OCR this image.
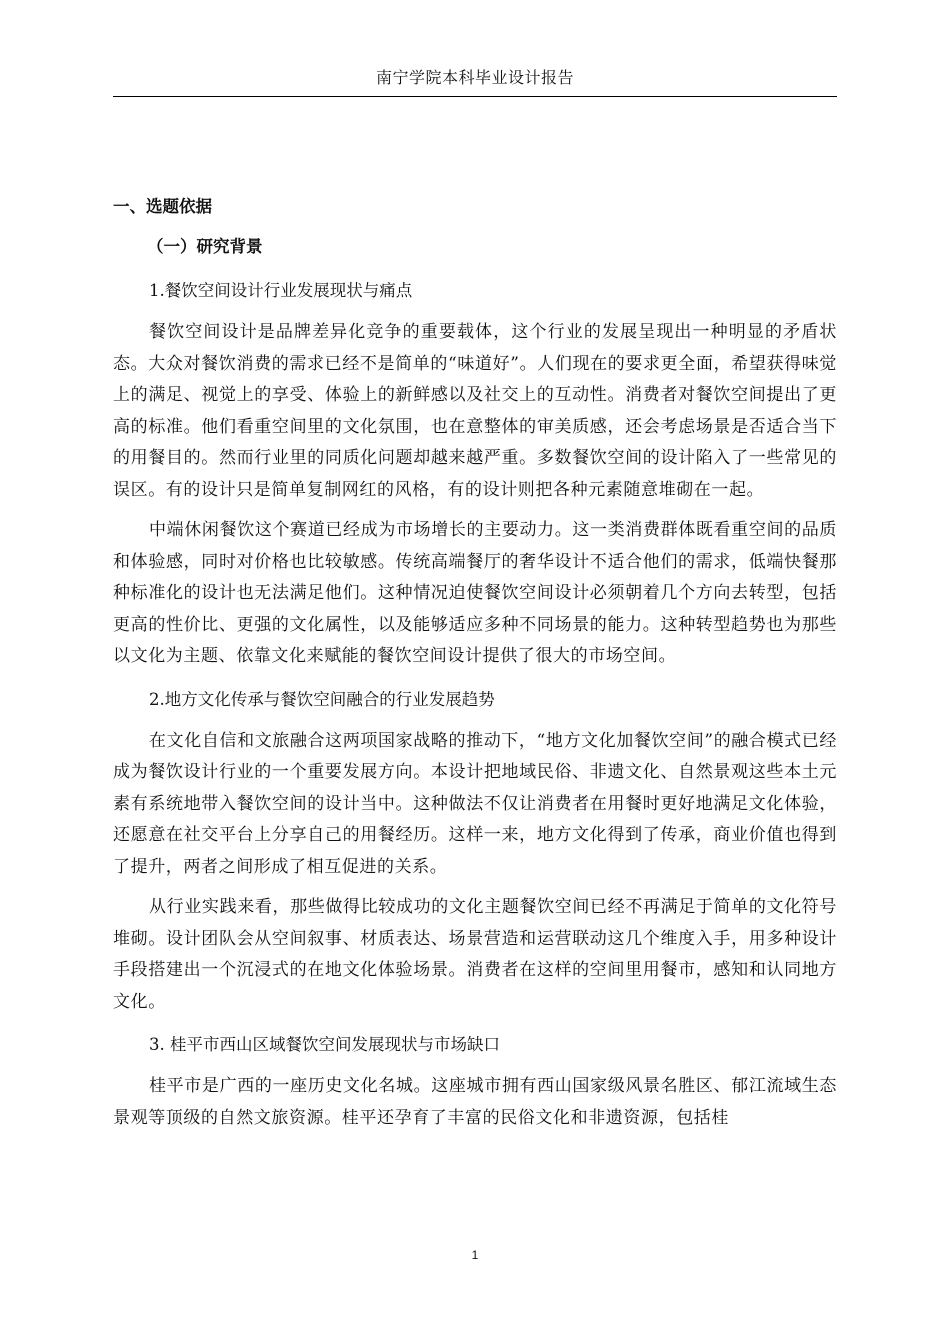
南宁学院本科毕业设计报告
一、选题依据
（一）研究背景
1.餐饮空间设计行业发展现状与痛点

餐饮空间设计是品牌差异化竞争的重要载体，这个行业的发展呈现出一种明显的矛盾状态。大众对餐饮消费的需求已经不是简单的“味道好”。人们现在的要求更全面，希望获得味觉上的满足、视觉上的享受、体验上的新鲜感以及社交上的互动性。消费者对餐饮空间提出了更高的标准。他们看重空间里的文化氛围，也在意整体的审美质感，还会考虑场景是否适合当下的用餐目的。然而行业里的同质化问题却越来越严重。多数餐饮空间的设计陷入了一些常见的误区。有的设计只是简单复制网红的风格，有的设计则把各种元素随意堆砌在一起。

中端休闲餐饮这个赛道已经成为市场增长的主要动力。这一类消费群体既看重空间的品质和体验感，同时对价格也比较敏感。传统高端餐厅的奢华设计不适合他们的需求，低端快餐那种标准化的设计也无法满足他们。这种情况迫使餐饮空间设计必须朝着几个方向去转型，包括更高的性价比、更强的文化属性，以及能够适应多种不同场景的能力。这种转型趋势也为那些以文化为主题、依靠文化来赋能的餐饮空间设计提供了很大的市场空间。

2.地方文化传承与餐饮空间融合的行业发展趋势

在文化自信和文旅融合这两项国家战略的推动下，“地方文化加餐饮空间”的融合模式已经成为餐饮设计行业的一个重要发展方向。本设计把地域民俗、非遗文化、自然景观这些本土元素有系统地带入餐饮空间的设计当中。这种做法不仅让消费者在用餐时更好地满足文化体验，还愿意在社交平台上分享自己的用餐经历。这样一来，地方文化得到了传承，商业价值也得到了提升，两者之间形成了相互促进的关系。

从行业实践来看，那些做得比较成功的文化主题餐饮空间已经不再满足于简单的文化符号堆砌。设计团队会从空间叙事、材质表达、场景营造和运营联动这几个维度入手，用多种设计手段搭建出一个沉浸式的在地文化体验场景。消费者在这样的空间里用餐市，感知和认同地方文化。

3. 桂平市西山区域餐饮空间发展现状与市场缺口

桂平市是广西的一座历史文化名城。这座城市拥有西山国家级风景名胜区、郁江流域生态景观等顶级的自然文旅资源。桂平还孕育了丰富的民俗文化和非遗资源，包括桂

1
